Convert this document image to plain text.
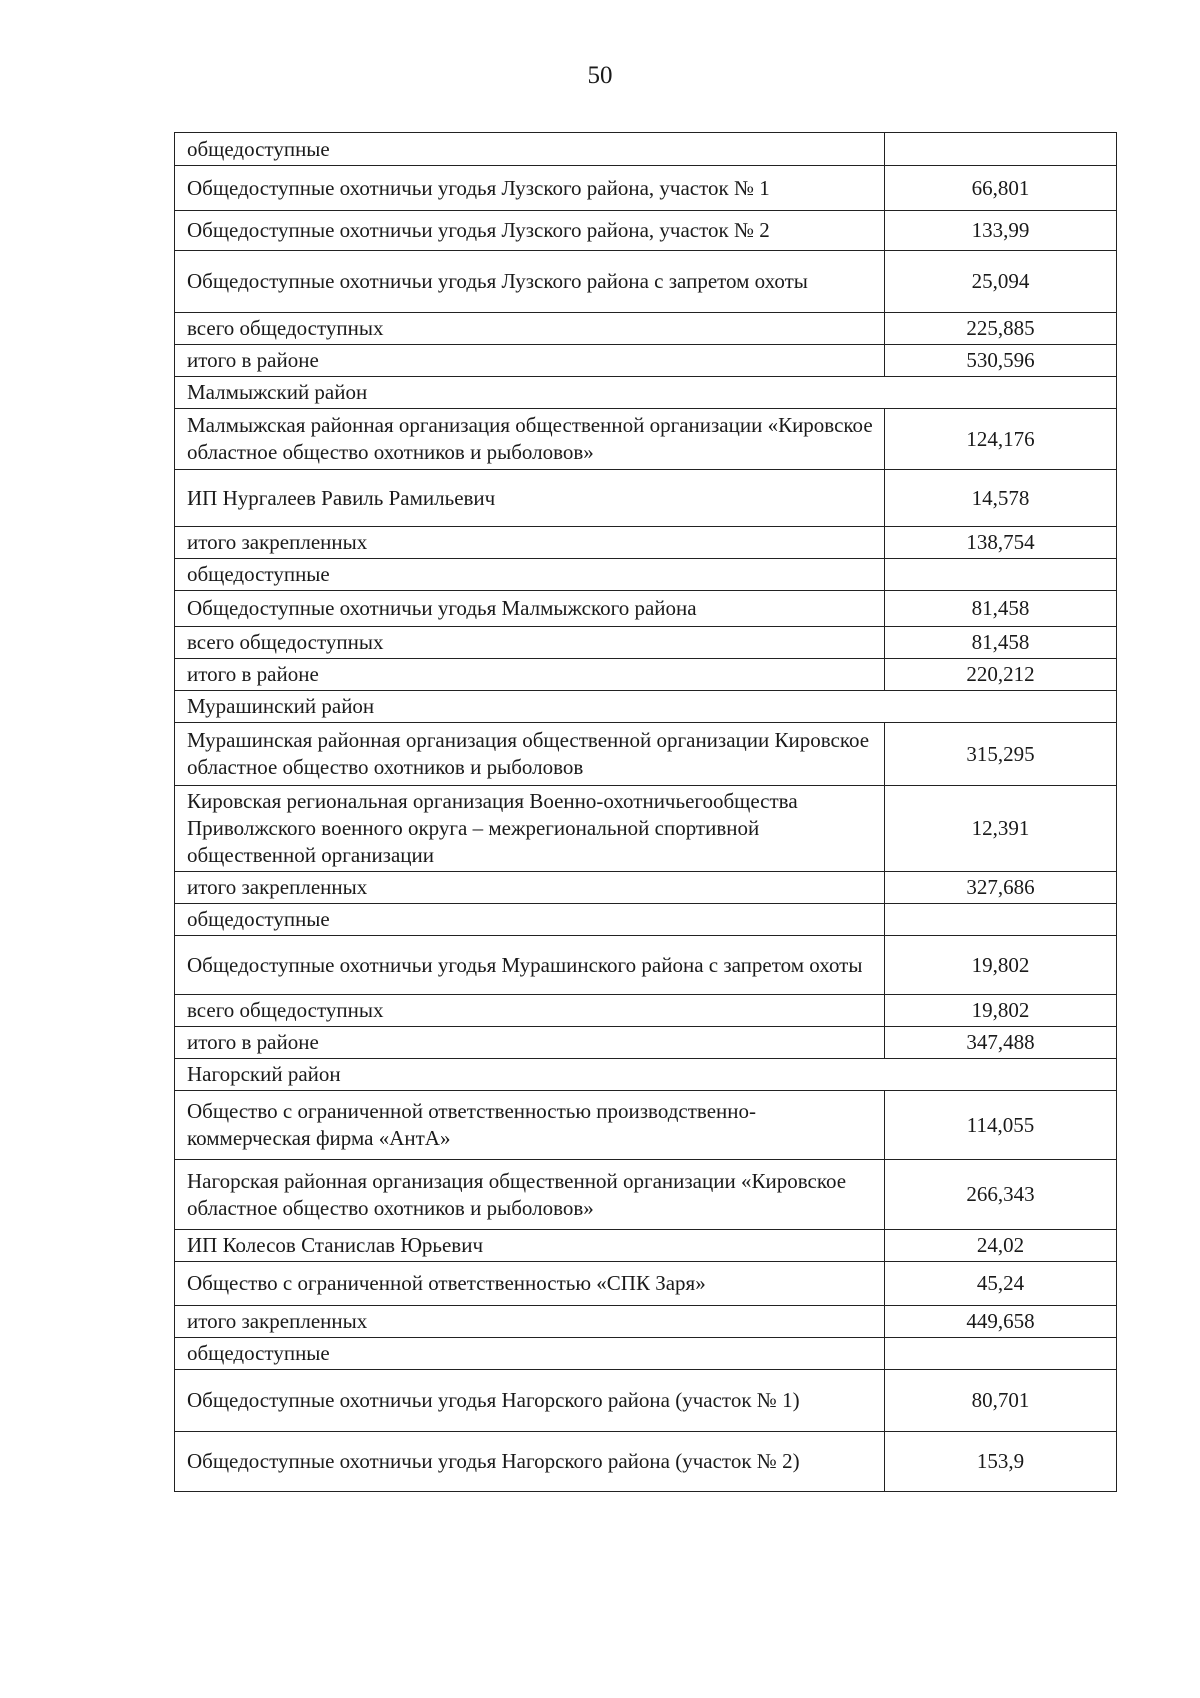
50
общедоступные	
Общедоступные охотничьи угодья Лузского района, участок № 1	66,801
Общедоступные охотничьи угодья Лузского района, участок № 2	133,99
Общедоступные охотничьи угодья Лузского района с запретом охоты	25,094
всего общедоступных	225,885
итого в районе	530,596
Малмыжский район	
Малмыжская районная организация общественной организации «Кировское областное общество охотников и рыболовов»	124,176
ИП Нургалеев Равиль Рамильевич	14,578
итого закрепленных	138,754
общедоступные	
Общедоступные охотничьи угодья Малмыжского района	81,458
всего общедоступных	81,458
итого в районе	220,212
Мурашинский район	
Мурашинская районная организация общественной организации Кировское областное общество охотников и рыболовов	315,295
Кировская региональная организация Военно-охотничьегообщества Приволжского военного округа – межрегиональной спортивной общественной организации	12,391
итого закрепленных	327,686
общедоступные	
Общедоступные охотничьи угодья Мурашинского района с запретом охоты	19,802
всего общедоступных	19,802
итого в районе	347,488
Нагорский район	
Общество с ограниченной ответственностью производственно-коммерческая фирма «АнтА»	114,055
Нагорская районная организация общественной организации «Кировское областное общество охотников и рыболовов»	266,343
ИП Колесов Станислав Юрьевич	24,02
Общество с ограниченной ответственностью «СПК Заря»	45,24
итого закрепленных	449,658
общедоступные	
Общедоступные охотничьи угодья Нагорского района (участок № 1)	80,701
Общедоступные охотничьи угодья Нагорского района (участок № 2)	153,9
